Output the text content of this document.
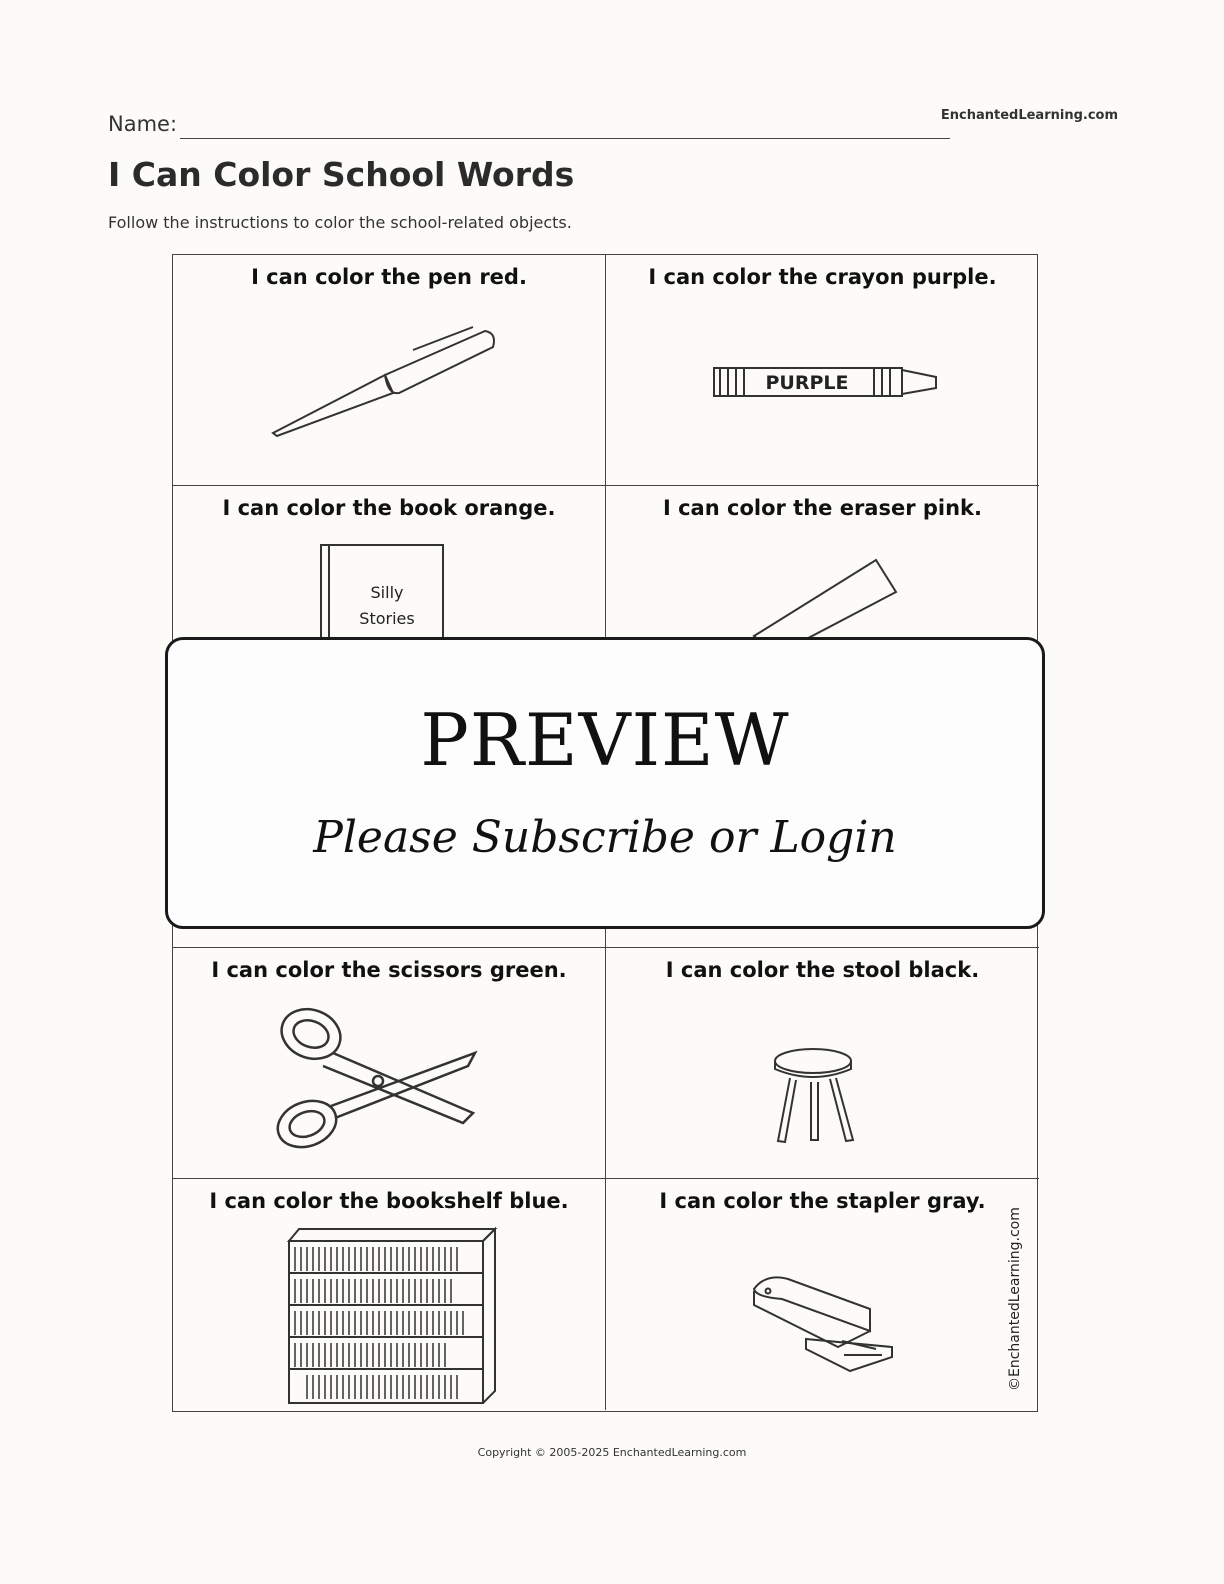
Name:	EnchantedLearning.com
I Can Color School Words

Follow the instructions to color the school-related objects.

I can color the pen red.	I can color the crayon purple.
PURPLE
I can color the book orange.
Silly
Stories
I can color the eraser pink.
I can color the scissors green.	I can color the stool black.
I can color the bookshelf blue.	I can color the stapler gray.
©EnchantedLearning.com
PREVIEW
Please Subscribe or Login
Copyright © 2005-2025 EnchantedLearning.com
